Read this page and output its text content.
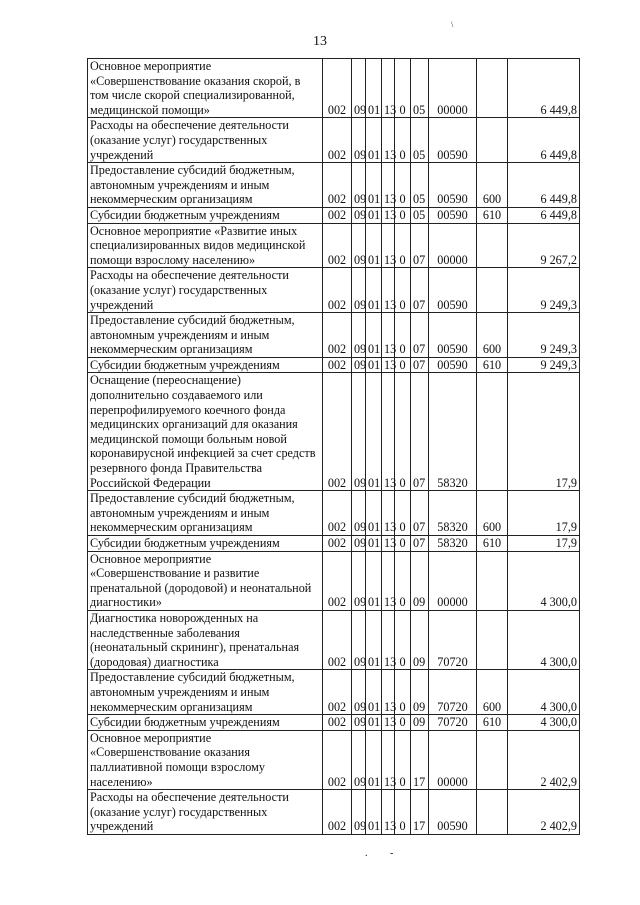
\
13
Основное мероприятие «Совершенствование оказания скорой, в том числе скорой специализированной, медицинской помощи»	002	09	01	13	0	05	00000		6 449,8
Расходы на обеспечение деятельности (оказание услуг) государственных учреждений	002	09	01	13	0	05	00590		6 449,8
Предоставление субсидий бюджетным, автономным учреждениям и иным некоммерческим организациям	002	09	01	13	0	05	00590	600	6 449,8
Субсидии бюджетным учреждениям	002	09	01	13	0	05	00590	610	6 449,8
Основное мероприятие «Развитие иных специализированных видов медицинской помощи взрослому населению»	002	09	01	13	0	07	00000		9 267,2
Расходы на обеспечение деятельности (оказание услуг) государственных учреждений	002	09	01	13	0	07	00590		9 249,3
Предоставление субсидий бюджетным, автономным учреждениям и иным некоммерческим организациям	002	09	01	13	0	07	00590	600	9 249,3
Субсидии бюджетным учреждениям	002	09	01	13	0	07	00590	610	9 249,3
Оснащение (переоснащение) дополнительно создаваемого или перепрофилируемого коечного фонда медицинских организаций для оказания медицинской помощи больным новой коронавирусной инфекцией за счет средств резервного фонда Правительства Российской Федерации	002	09	01	13	0	07	58320		17,9
Предоставление субсидий бюджетным, автономным учреждениям и иным некоммерческим организациям	002	09	01	13	0	07	58320	600	17,9
Субсидии бюджетным учреждениям	002	09	01	13	0	07	58320	610	17,9
Основное мероприятие «Совершенствование и развитие пренатальной (дородовой) и неонатальной диагностики»	002	09	01	13	0	09	00000		4 300,0
Диагностика новорожденных на наследственные заболевания (неонатальный скрининг), пренатальная (дородовая) диагностика	002	09	01	13	0	09	70720		4 300,0
Предоставление субсидий бюджетным, автономным учреждениям и иным некоммерческим организациям	002	09	01	13	0	09	70720	600	4 300,0
Субсидии бюджетным учреждениям	002	09	01	13	0	09	70720	610	4 300,0
Основное мероприятие «Совершенствование оказания паллиативной помощи взрослому населению»	002	09	01	13	0	17	00000		2 402,9
Расходы на обеспечение деятельности (оказание услуг) государственных учреждений	002	09	01	13	0	17	00590		2 402,9
. -
